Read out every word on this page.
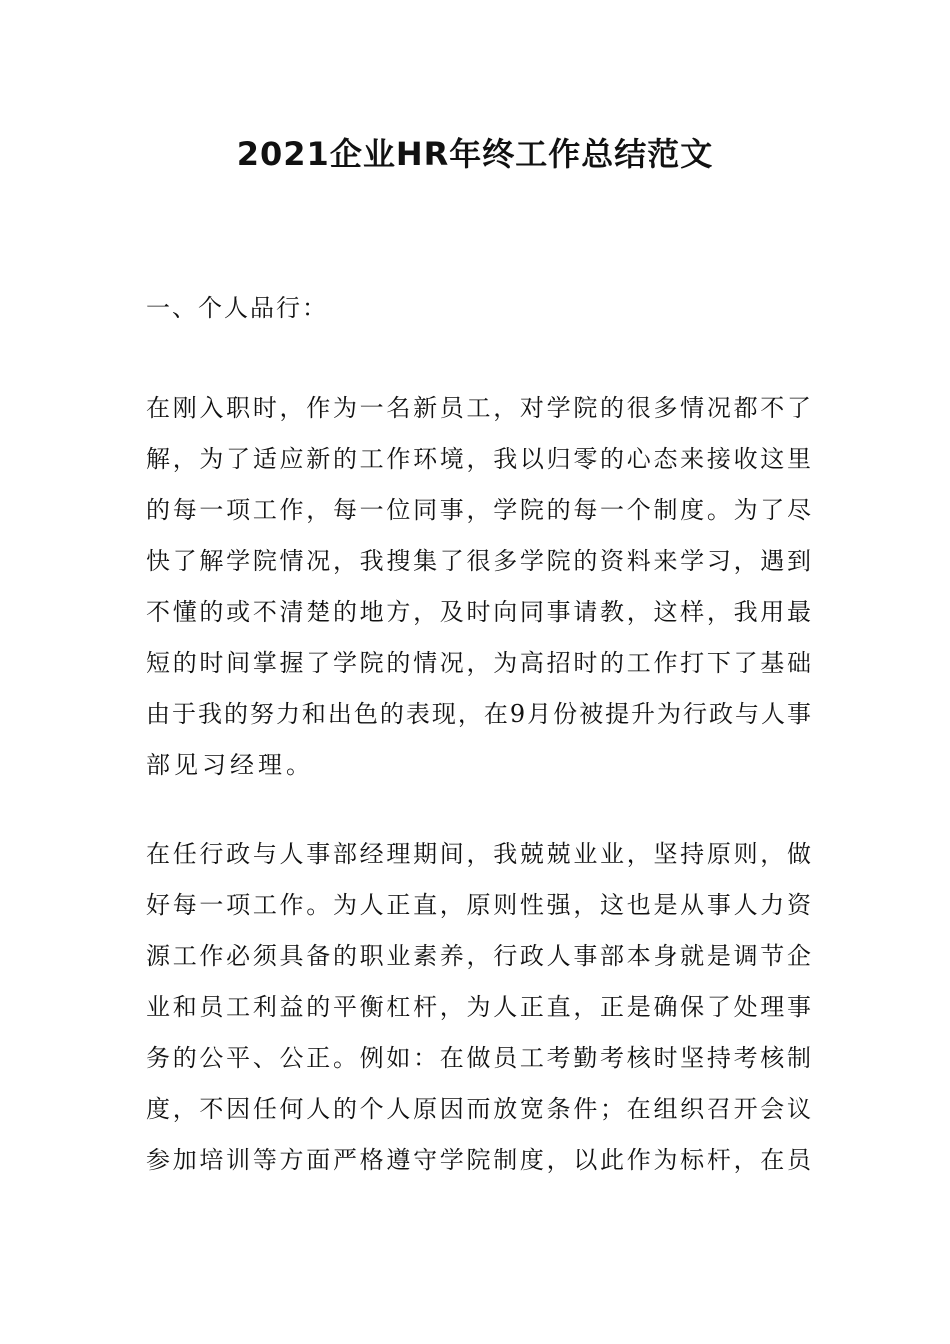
2021企业HR年终工作总结范文

一、个人品行：

在刚入职时，作为一名新员工，对学院的很多情况都不了
解，为了适应新的工作环境，我以归零的心态来接收这里
的每一项工作，每一位同事，学院的每一个制度。为了尽
快了解学院情况，我搜集了很多学院的资料来学习，遇到
不懂的或不清楚的地方，及时向同事请教，这样，我用最
短的时间掌握了学院的情况，为高招时的工作打下了基础
由于我的努力和出色的表现，在9月份被提升为行政与人事
部见习经理。
在任行政与人事部经理期间，我兢兢业业，坚持原则，做
好每一项工作。为人正直，原则性强，这也是从事人力资
源工作必须具备的职业素养，行政人事部本身就是调节企
业和员工利益的平衡杠杆，为人正直，正是确保了处理事
务的公平、公正。例如：在做员工考勤考核时坚持考核制
度，不因任何人的个人原因而放宽条件；在组织召开会议
参加培训等方面严格遵守学院制度，以此作为标杆，在员
